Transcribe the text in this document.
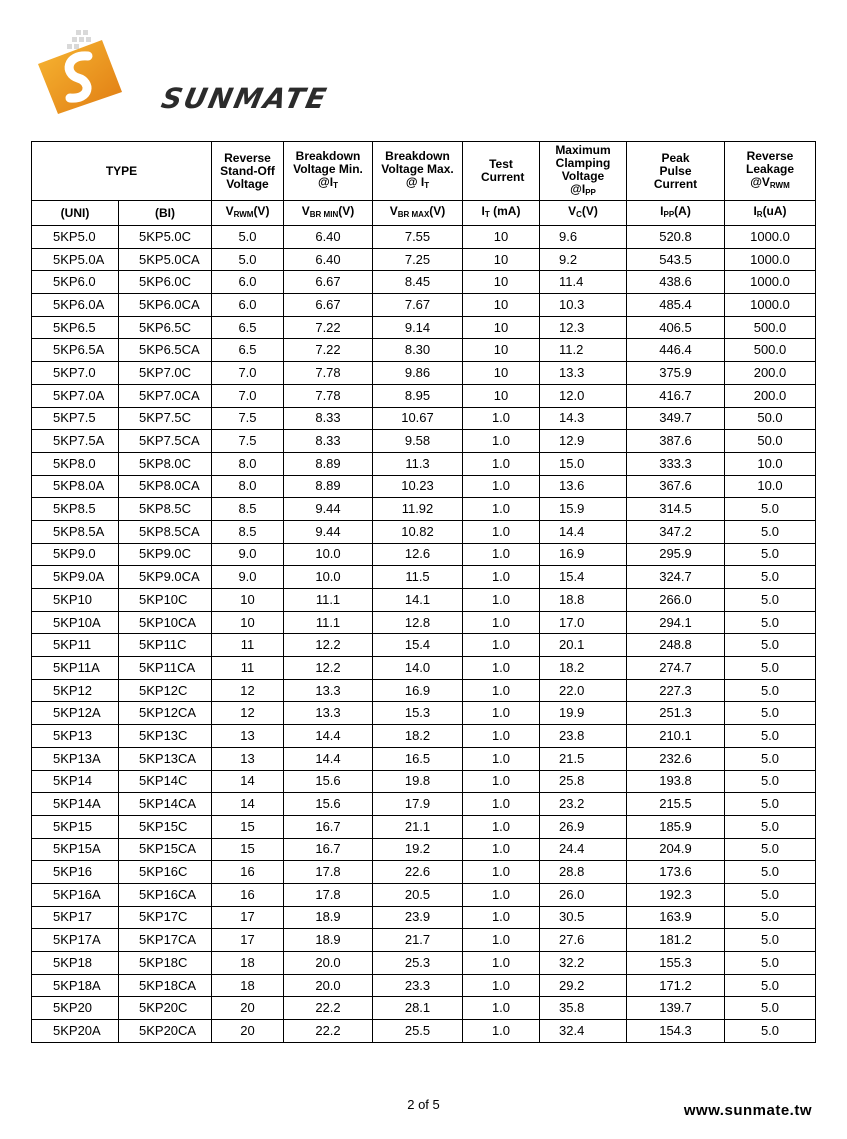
SUNMATE
TYPE		Reverse Stand-Off Voltage	Breakdown Voltage Min. $@I_T$	Breakdown Voltage Max. @ $I_T$	Test Current	Maximum Clamping Voltage $@I_{PP}$	Peak Pulse Current	Reverse Leakage $@V_{RWM}$
(UNI)	(BI)	$V_{RWM}(V)$	$V_{BR MIN}(V)$	$V_{BR MAX}(V)$	$I_T$ (mA)	$V_C(V)$	$I_{PP}(A)$	$I_R(uA)$
5KP5.0	5KP5.0C	5.0	6.40	7.55	10	9.6	520.8	1000.0
5KP5.0A	5KP5.0CA	5.0	6.40	7.25	10	9.2	543.5	1000.0
5KP6.0	5KP6.0C	6.0	6.67	8.45	10	11.4	438.6	1000.0
5KP6.0A	5KP6.0CA	6.0	6.67	7.67	10	10.3	485.4	1000.0
5KP6.5	5KP6.5C	6.5	7.22	9.14	10	12.3	406.5	500.0
5KP6.5A	5KP6.5CA	6.5	7.22	8.30	10	11.2	446.4	500.0
5KP7.0	5KP7.0C	7.0	7.78	9.86	10	13.3	375.9	200.0
5KP7.0A	5KP7.0CA	7.0	7.78	8.95	10	12.0	416.7	200.0
5KP7.5	5KP7.5C	7.5	8.33	10.67	1.0	14.3	349.7	50.0
5KP7.5A	5KP7.5CA	7.5	8.33	9.58	1.0	12.9	387.6	50.0
5KP8.0	5KP8.0C	8.0	8.89	11.3	1.0	15.0	333.3	10.0
5KP8.0A	5KP8.0CA	8.0	8.89	10.23	1.0	13.6	367.6	10.0
5KP8.5	5KP8.5C	8.5	9.44	11.92	1.0	15.9	314.5	5.0
5KP8.5A	5KP8.5CA	8.5	9.44	10.82	1.0	14.4	347.2	5.0
5KP9.0	5KP9.0C	9.0	10.0	12.6	1.0	16.9	295.9	5.0
5KP9.0A	5KP9.0CA	9.0	10.0	11.5	1.0	15.4	324.7	5.0
5KP10	5KP10C	10	11.1	14.1	1.0	18.8	266.0	5.0
5KP10A	5KP10CA	10	11.1	12.8	1.0	17.0	294.1	5.0
5KP11	5KP11C	11	12.2	15.4	1.0	20.1	248.8	5.0
5KP11A	5KP11CA	11	12.2	14.0	1.0	18.2	274.7	5.0
5KP12	5KP12C	12	13.3	16.9	1.0	22.0	227.3	5.0
5KP12A	5KP12CA	12	13.3	15.3	1.0	19.9	251.3	5.0
5KP13	5KP13C	13	14.4	18.2	1.0	23.8	210.1	5.0
5KP13A	5KP13CA	13	14.4	16.5	1.0	21.5	232.6	5.0
5KP14	5KP14C	14	15.6	19.8	1.0	25.8	193.8	5.0
5KP14A	5KP14CA	14	15.6	17.9	1.0	23.2	215.5	5.0
5KP15	5KP15C	15	16.7	21.1	1.0	26.9	185.9	5.0
5KP15A	5KP15CA	15	16.7	19.2	1.0	24.4	204.9	5.0
5KP16	5KP16C	16	17.8	22.6	1.0	28.8	173.6	5.0
5KP16A	5KP16CA	16	17.8	20.5	1.0	26.0	192.3	5.0
5KP17	5KP17C	17	18.9	23.9	1.0	30.5	163.9	5.0
5KP17A	5KP17CA	17	18.9	21.7	1.0	27.6	181.2	5.0
5KP18	5KP18C	18	20.0	25.3	1.0	32.2	155.3	5.0
5KP18A	5KP18CA	18	20.0	23.3	1.0	29.2	171.2	5.0
5KP20	5KP20C	20	22.2	28.1	1.0	35.8	139.7	5.0
5KP20A	5KP20CA	20	22.2	25.5	1.0	32.4	154.3	5.0
2 of 5	www.sunmate.tw
